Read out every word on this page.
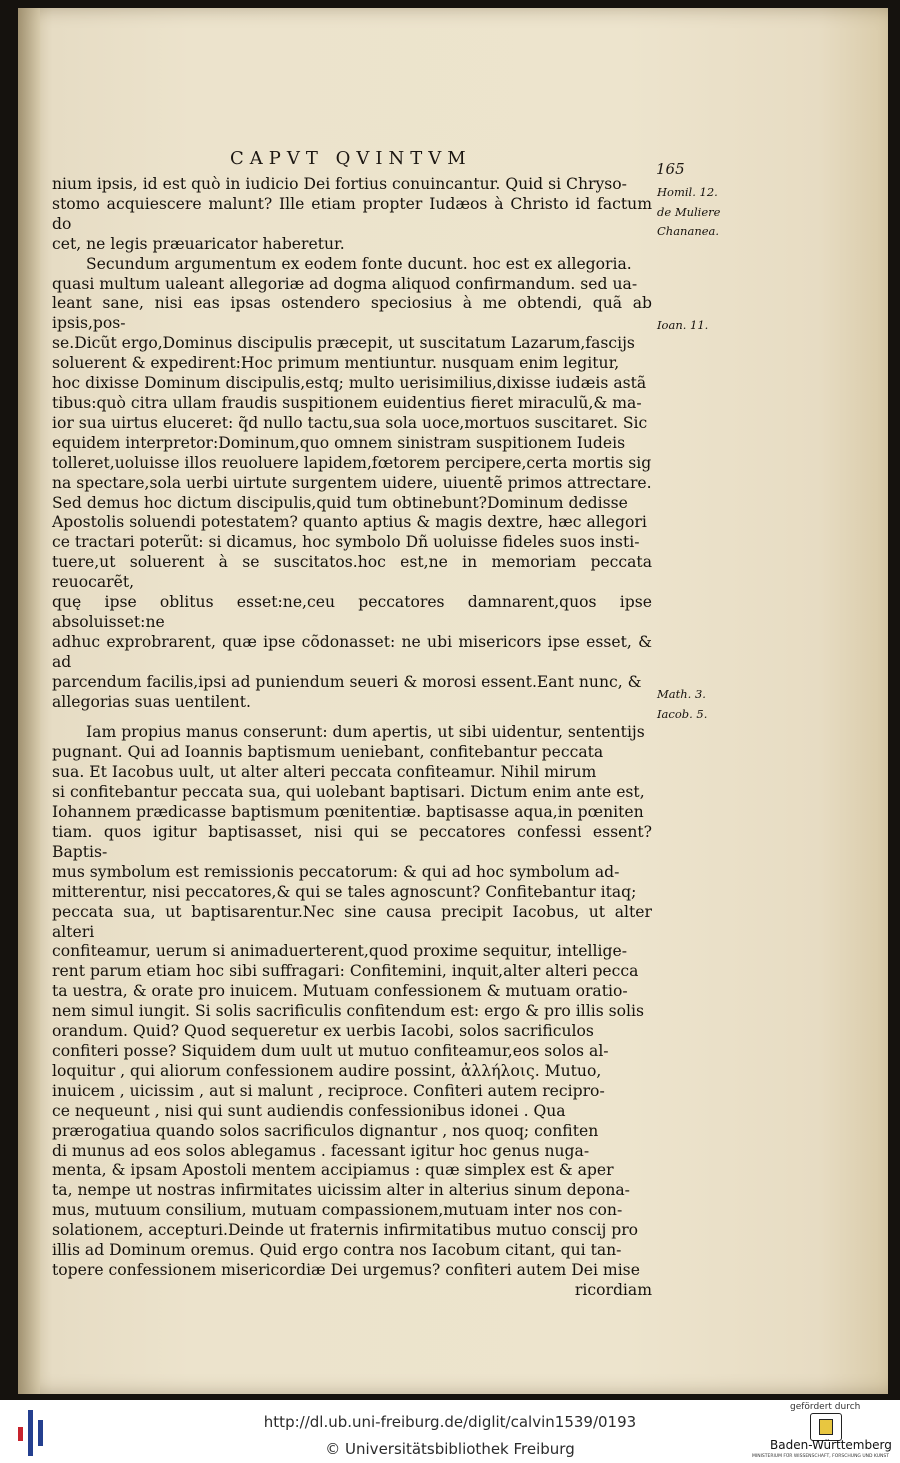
CAPVT QVINTVM	165

nium ipsis, id est quò in iudicio Dei fortius conuincantur. Quid si Chryso-

stomo acquiescere malunt? Ille etiam propter Iudæos à Christo id factum do

cet, ne legis præuaricator haberetur.

Secundum argumentum ex eodem fonte ducunt. hoc est ex allegoria.

quasi multum ualeant allegoriæ ad dogma aliquod confirmandum. sed ua-

leant sane, nisi eas ipsas ostendero speciosius à me obtendi, quã ab ipsis,pos-

se.Dicũt ergo,Dominus discipulis præcepit, ut suscitatum Lazarum,fascijs

soluerent & expedirent:Hoc primum mentiuntur. nusquam enim legitur,

hoc dixisse Dominum discipulis,estq; multo uerisimilius,dixisse iudæis astã

tibus:quò citra ullam fraudis suspitionem euidentius fieret miraculũ,& ma-

ior sua uirtus eluceret: q̃d nullo tactu,sua sola uoce,mortuos suscitaret. Sic

equidem interpretor:Dominum,quo omnem sinistram suspitionem Iudeis

tolleret,uoluisse illos reuoluere lapidem,fœtorem percipere,certa mortis sig

na spectare,sola uerbi uirtute surgentem uidere, uiuentẽ primos attrectare.

Sed demus hoc dictum discipulis,quid tum obtinebunt?Dominum dedisse

Apostolis soluendi potestatem? quanto aptius & magis dextre, hæc allegori

ce tractari poterũt: si dicamus, hoc symbolo Dñ uoluisse fideles suos insti-

tuere,ut soluerent à se suscitatos.hoc est,ne in memoriam peccata reuocarẽt,

quę ipse oblitus esset:ne,ceu peccatores damnarent,quos ipse absoluisset:ne

adhuc exprobrarent, quæ ipse cõdonasset: ne ubi misericors ipse esset, & ad

parcendum facilis,ipsi ad puniendum seueri & morosi essent.Eant nunc, &

allegorias suas uentilent.

Iam propius manus conserunt: dum apertis, ut sibi uidentur, sententijs

pugnant. Qui ad Ioannis baptismum ueniebant, confitebantur peccata

sua. Et Iacobus uult, ut alter alteri peccata confiteamur. Nihil mirum

si confitebantur peccata sua, qui uolebant baptisari. Dictum enim ante est,

Iohannem prædicasse baptismum pœnitentiæ. baptisasse aqua,in pœniten

tiam. quos igitur baptisasset, nisi qui se peccatores confessi essent? Baptis-

mus symbolum est remissionis peccatorum: & qui ad hoc symbolum ad-

mitterentur, nisi peccatores,& qui se tales agnoscunt? Confitebantur itaq;

peccata sua, ut baptisarentur.Nec sine causa precipit Iacobus, ut alter alteri

confiteamur, uerum si animaduerterent,quod proxime sequitur, intellige-

rent parum etiam hoc sibi suffragari: Confitemini, inquit,alter alteri pecca

ta uestra, & orate pro inuicem. Mutuam confessionem & mutuam oratio-

nem simul iungit. Si solis sacrificulis confitendum est: ergo & pro illis solis

orandum. Quid? Quod sequeretur ex uerbis Iacobi, solos sacrificulos

confiteri posse? Siquidem dum uult ut mutuo confiteamur,eos solos al-

loquitur , qui aliorum confessionem audire possint, ἀλλήλοις. Mutuo,

inuicem , uicissim , aut si malunt , reciproce. Confiteri autem recipro-

ce nequeunt , nisi qui sunt audiendis confessionibus idonei . Qua

prærogatiua quando solos sacrificulos dignantur , nos quoq; confiten

di munus ad eos solos ablegamus . facessant igitur hoc genus nuga-

menta, & ipsam Apostoli mentem accipiamus : quæ simplex est & aper

ta, nempe ut nostras infirmitates uicissim alter in alterius sinum depona-

mus, mutuum consilium, mutuam compassionem,mutuam inter nos con-

solationem, accepturi.Deinde ut fraternis infirmitatibus mutuo conscij pro

illis ad Dominum oremus. Quid ergo contra nos Iacobum citant, qui tan-

topere confessionem misericordiæ Dei urgemus? confiteri autem Dei mise

ricordiam

Homil. 12.
de Muliere
Chananea.
Ioan. 11.
Math. 3.
Iacob. 5.
http://dl.ub.uni-freiburg.de/diglit/calvin1539/0193
© Universitätsbibliothek Freiburg
gefördert durch
Baden-Württemberg
MINISTERIUM FÜR WISSENSCHAFT, FORSCHUNG UND KUNST
